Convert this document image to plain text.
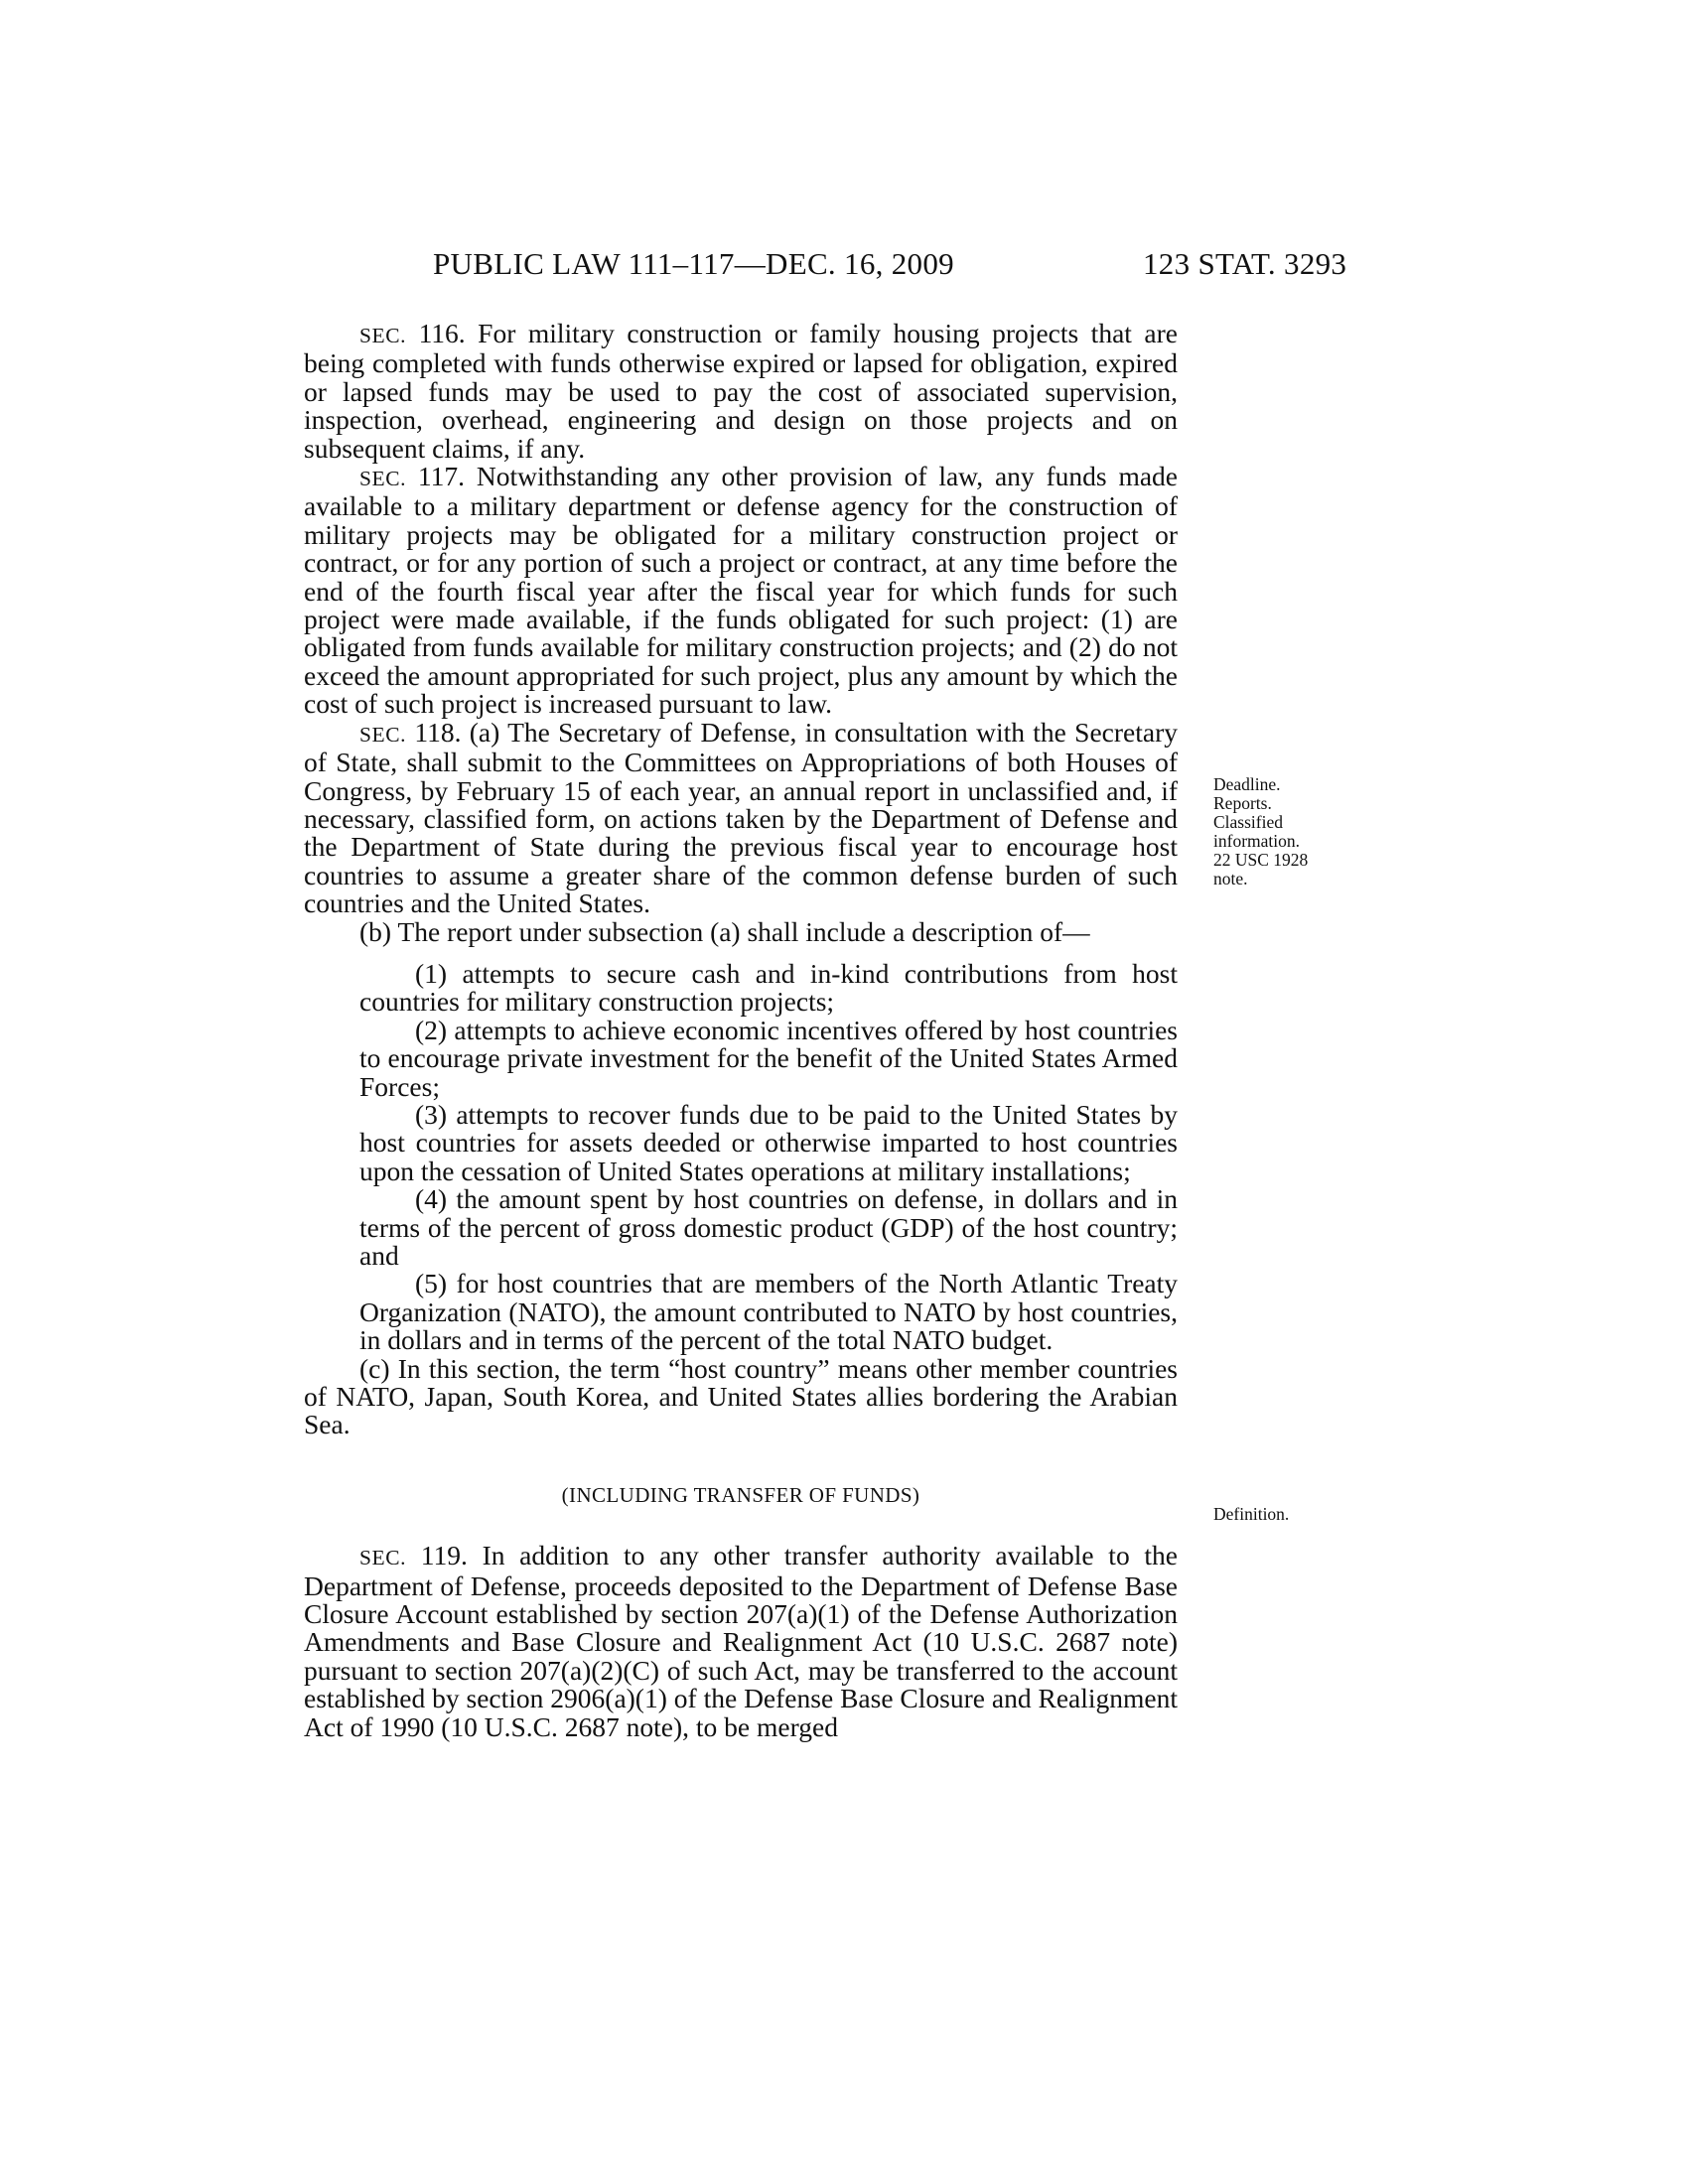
PUBLIC LAW 111–117—DEC. 16, 2009	123 STAT. 3293

SEC. 116. For military construction or family housing projects that are being completed with funds otherwise expired or lapsed for obligation, expired or lapsed funds may be used to pay the cost of associated supervision, inspection, overhead, engineering and design on those projects and on subsequent claims, if any.

SEC. 117. Notwithstanding any other provision of law, any funds made available to a military department or defense agency for the construction of military projects may be obligated for a military construction project or contract, or for any portion of such a project or contract, at any time before the end of the fourth fiscal year after the fiscal year for which funds for such project were made available, if the funds obligated for such project: (1) are obligated from funds available for military construction projects; and (2) do not exceed the amount appropriated for such project, plus any amount by which the cost of such project is increased pursuant to law.

SEC. 118. (a) The Secretary of Defense, in consultation with the Secretary of State, shall submit to the Committees on Appropriations of both Houses of Congress, by February 15 of each year, an annual report in unclassified and, if necessary, classified form, on actions taken by the Department of Defense and the Department of State during the previous fiscal year to encourage host countries to assume a greater share of the common defense burden of such countries and the United States.

(b) The report under subsection (a) shall include a description of—

(1) attempts to secure cash and in-kind contributions from host countries for military construction projects;

(2) attempts to achieve economic incentives offered by host countries to encourage private investment for the benefit of the United States Armed Forces;

(3) attempts to recover funds due to be paid to the United States by host countries for assets deeded or otherwise imparted to host countries upon the cessation of United States operations at military installations;

(4) the amount spent by host countries on defense, in dollars and in terms of the percent of gross domestic product (GDP) of the host country; and

(5) for host countries that are members of the North Atlantic Treaty Organization (NATO), the amount contributed to NATO by host countries, in dollars and in terms of the percent of the total NATO budget.

(c) In this section, the term “host country” means other member countries of NATO, Japan, South Korea, and United States allies bordering the Arabian Sea.

(INCLUDING TRANSFER OF FUNDS)

SEC. 119. In addition to any other transfer authority available to the Department of Defense, proceeds deposited to the Department of Defense Base Closure Account established by section 207(a)(1) of the Defense Authorization Amendments and Base Closure and Realignment Act (10 U.S.C. 2687 note) pursuant to section 207(a)(2)(C) of such Act, may be transferred to the account established by section 2906(a)(1) of the Defense Base Closure and Realignment Act of 1990 (10 U.S.C. 2687 note), to be merged

Deadline.
Reports.
Classified
information.
22 USC 1928
note.
Definition.
